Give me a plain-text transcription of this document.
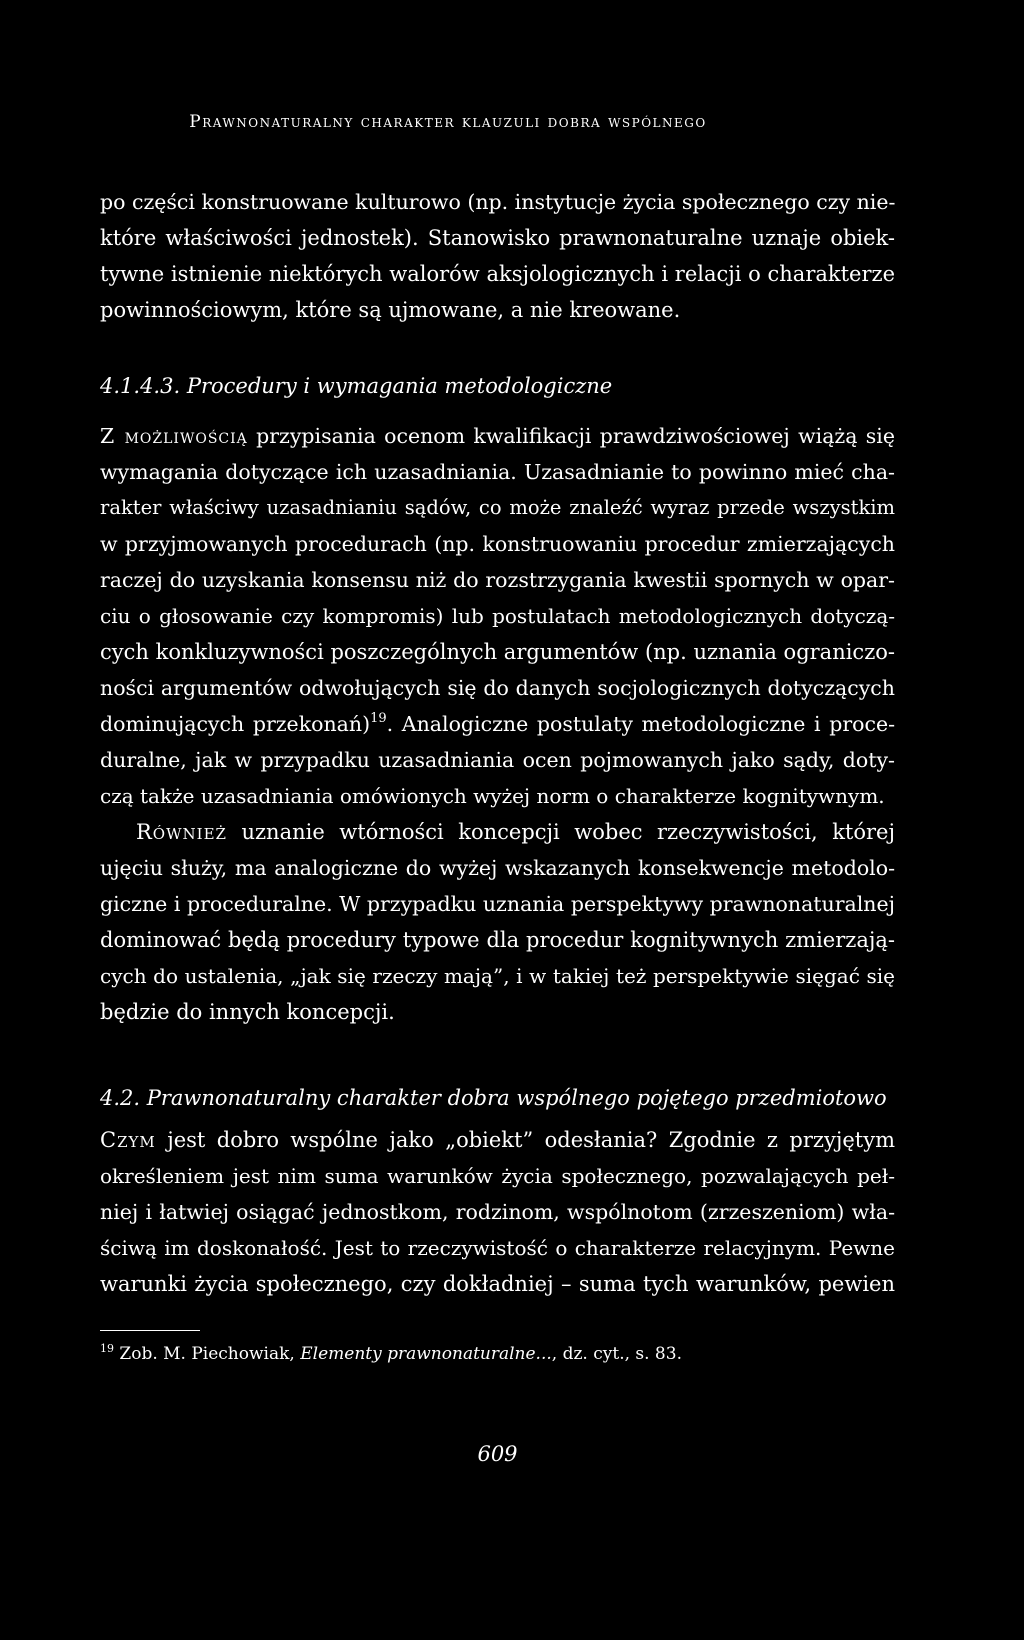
Prawnonaturalny charakter klauzuli dobra wspólnego
po części konstruowane kulturowo (np. instytucje życia społecznego czy nie-
które właściwości jednostek). Stanowisko prawnonaturalne uznaje obiek-
tywne istnienie niektórych walorów aksjologicznych i relacji o charakterze
powinnościowym, które są ujmowane, a nie kreowane.
4.1.4.3. Procedury i wymagania metodologiczne
Z możliwością przypisania ocenom kwalifikacji prawdziwościowej wiążą się
wymagania dotyczące ich uzasadniania. Uzasadnianie to powinno mieć cha-
rakter właściwy uzasadnianiu sądów, co może znaleźć wyraz przede wszystkim
w przyjmowanych procedurach (np. konstruowaniu procedur zmierzających
raczej do uzyskania konsensu niż do rozstrzygania kwestii spornych w opar-
ciu o głosowanie czy kompromis) lub postulatach metodologicznych dotyczą-
cych konkluzywności poszczególnych argumentów (np. uznania ograniczo-
ności argumentów odwołujących się do danych socjologicznych dotyczących
dominujących przekonań)$^{19}$. Analogiczne postulaty metodologiczne i proce-
duralne, jak w przypadku uzasadniania ocen pojmowanych jako sądy, doty-
czą także uzasadniania omówionych wyżej norm o charakterze kognitywnym.
Również uznanie wtórności koncepcji wobec rzeczywistości, której
ujęciu służy, ma analogiczne do wyżej wskazanych konsekwencje metodolo-
giczne i proceduralne. W przypadku uznania perspektywy prawnonaturalnej
dominować będą procedury typowe dla procedur kognitywnych zmierzają-
cych do ustalenia, „jak się rzeczy mają”, i w takiej też perspektywie sięgać się
będzie do innych koncepcji.
4.2. Prawnonaturalny charakter dobra wspólnego pojętego przedmiotowo
Czym jest dobro wspólne jako „obiekt” odesłania? Zgodnie z przyjętym
określeniem jest nim suma warunków życia społecznego, pozwalających peł-
niej i łatwiej osiągać jednostkom, rodzinom, wspólnotom (zrzeszeniom) wła-
ściwą im doskonałość. Jest to rzeczywistość o charakterze relacyjnym. Pewne
warunki życia społecznego, czy dokładniej – suma tych warunków, pewien
$^{19}$ Zob. M. Piechowiak, Elementy prawnonaturalne..., dz. cyt., s. 83.
609
